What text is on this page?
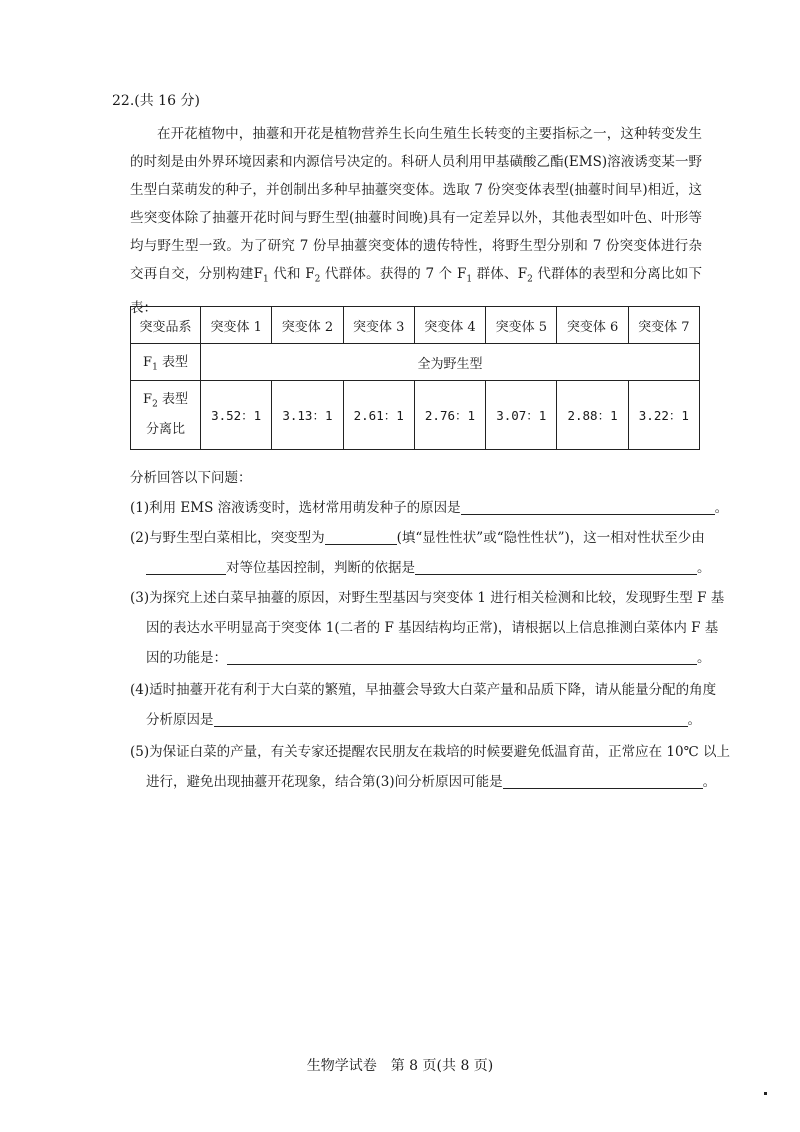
22.(共 16 分)
在开花植物中，抽薹和开花是植物营养生长向生殖生长转变的主要指标之一，这种转变发生的时刻是由外界环境因素和内源信号决定的。科研人员利用甲基磺酸乙酯(EMS)溶液诱变某一野生型白菜萌发的种子，并创制出多种早抽薹突变体。选取 7 份突变体表型(抽薹时间早)相近，这些突变体除了抽薹开花时间与野生型(抽薹时间晚)具有一定差异以外，其他表型如叶色、叶形等均与野生型一致。为了研究 7 份早抽薹突变体的遗传特性，将野生型分别和 7 份突变体进行杂交再自交，分别构建$F_1$ 代和 $F_2$ 代群体。获得的 7 个 $F_1$ 群体、$F_2$ 代群体的表型和分离比如下表：
突变品系	突变体 1	突变体 2	突变体 3	突变体 4	突变体 5	突变体 6	突变体 7
$F_1$ 表型	全为野生型						

$F_2$ 表型
分离比	3.52：1	3.13：1	2.61：1	2.76：1	3.07：1	2.88：1	3.22：1
分析回答以下问题：
(1)利用 EMS 溶液诱变时，选材常用萌发种子的原因是	。
(2)与野生型白菜相比，突变型为	(填“显性性状”或“隐性性状”)，这一相对性状至少由
对等位基因控制，判断的依据是	。
(3)为探究上述白菜早抽薹的原因，对野生型基因与突变体 1 进行相关检测和比较，发现野生型 F 基
因的表达水平明显高于突变体 1(二者的 F 基因结构均正常)，请根据以上信息推测白菜体内 F 基
因的功能是：	。
(4)适时抽薹开花有利于大白菜的繁殖，早抽薹会导致大白菜产量和品质下降，请从能量分配的角度
分析原因是	。
(5)为保证白菜的产量，有关专家还提醒农民朋友在栽培的时候要避免低温育苗，正常应在 10℃ 以上
进行，避免出现抽薹开花现象，结合第(3)问分析原因可能是	。
生物学试卷　第 8 页(共 8 页)
